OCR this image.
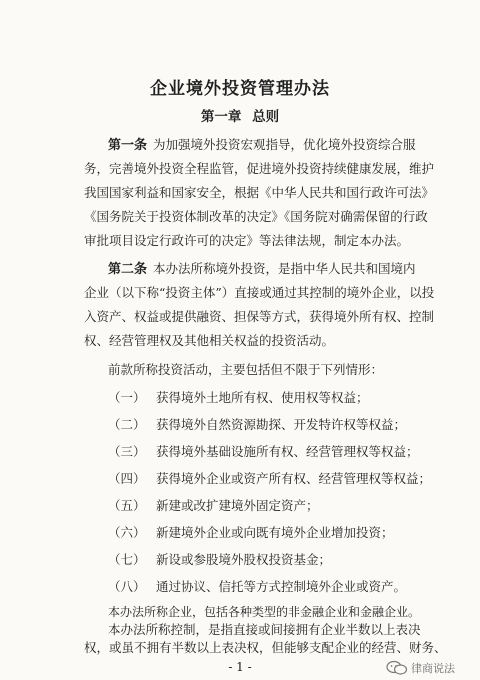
企业境外投资管理办法
第一章 总则
第一条 为加强境外投资宏观指导，优化境外投资综合服
务，完善境外投资全程监管，促进境外投资持续健康发展，维护
我国国家利益和国家安全，根据《中华人民共和国行政许可法》
《国务院关于投资体制改革的决定》《国务院对确需保留的行政
审批项目设定行政许可的决定》等法律法规，制定本办法。
第二条 本办法所称境外投资，是指中华人民共和国境内
企业（以下称“投资主体”）直接或通过其控制的境外企业，以投
入资产、权益或提供融资、担保等方式，获得境外所有权、控制
权、经营管理权及其他相关权益的投资活动。
前款所称投资活动，主要包括但不限于下列情形：
（一） 获得境外土地所有权、使用权等权益；
（二） 获得境外自然资源勘探、开发特许权等权益；
（三） 获得境外基础设施所有权、经营管理权等权益；
（四） 获得境外企业或资产所有权、经营管理权等权益；
（五） 新建或改扩建境外固定资产；
（六） 新建境外企业或向既有境外企业增加投资；
（七） 新设或参股境外股权投资基金；
（八） 通过协议、信托等方式控制境外企业或资产。
本办法所称企业，包括各种类型的非金融企业和金融企业。
- 1 -	律商说法
本办法所称控制，是指直接或间接拥有企业半数以上表决
权，或虽不拥有半数以上表决权，但能够支配企业的经营、财务、
